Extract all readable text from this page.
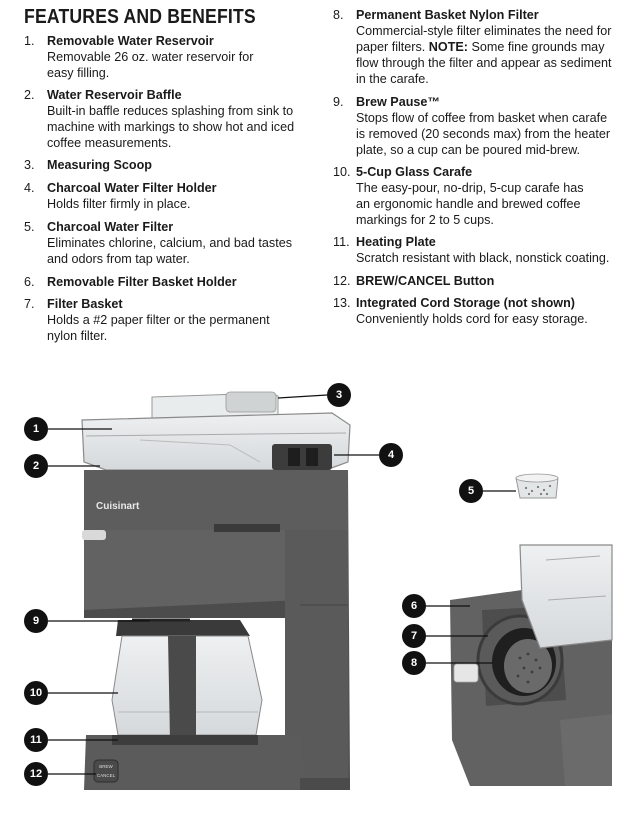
FEATURES AND BENEFITS
1. Removable Water Reservoir
Removable 26 oz. water reservoir for
easy filling.
2. Water Reservoir Baffle
Built-in baffle reduces splashing from sink to
machine with markings to show hot and iced
coffee measurements.
3. Measuring Scoop
4. Charcoal Water Filter Holder
Holds filter firmly in place.
5. Charcoal Water Filter
Eliminates chlorine, calcium, and bad tastes
and odors from tap water.
6. Removable Filter Basket Holder
7. Filter Basket
Holds a #2 paper filter or the permanent
nylon filter.
8. Permanent Basket Nylon Filter
Commercial-style filter eliminates the need for
paper filters. NOTE: Some fine grounds may
flow through the filter and appear as sediment
in the carafe.
9. Brew Pause™
Stops flow of coffee from basket when carafe
is removed (20 seconds max) from the heater
plate, so a cup can be poured mid-brew.
10. 5-Cup Glass Carafe
The easy-pour, no-drip, 5-cup carafe has
an ergonomic handle and brewed coffee
markings for 2 to 5 cups.
11. Heating Plate
Scratch resistant with black, nonstick coating.
12. BREW/CANCEL Button
13. Integrated Cord Storage (not shown)
Conveniently holds cord for easy storage.
BREW
CANCEL
Cuisinart
1
2
3
4
5
6
7
8
9
10
11
12
